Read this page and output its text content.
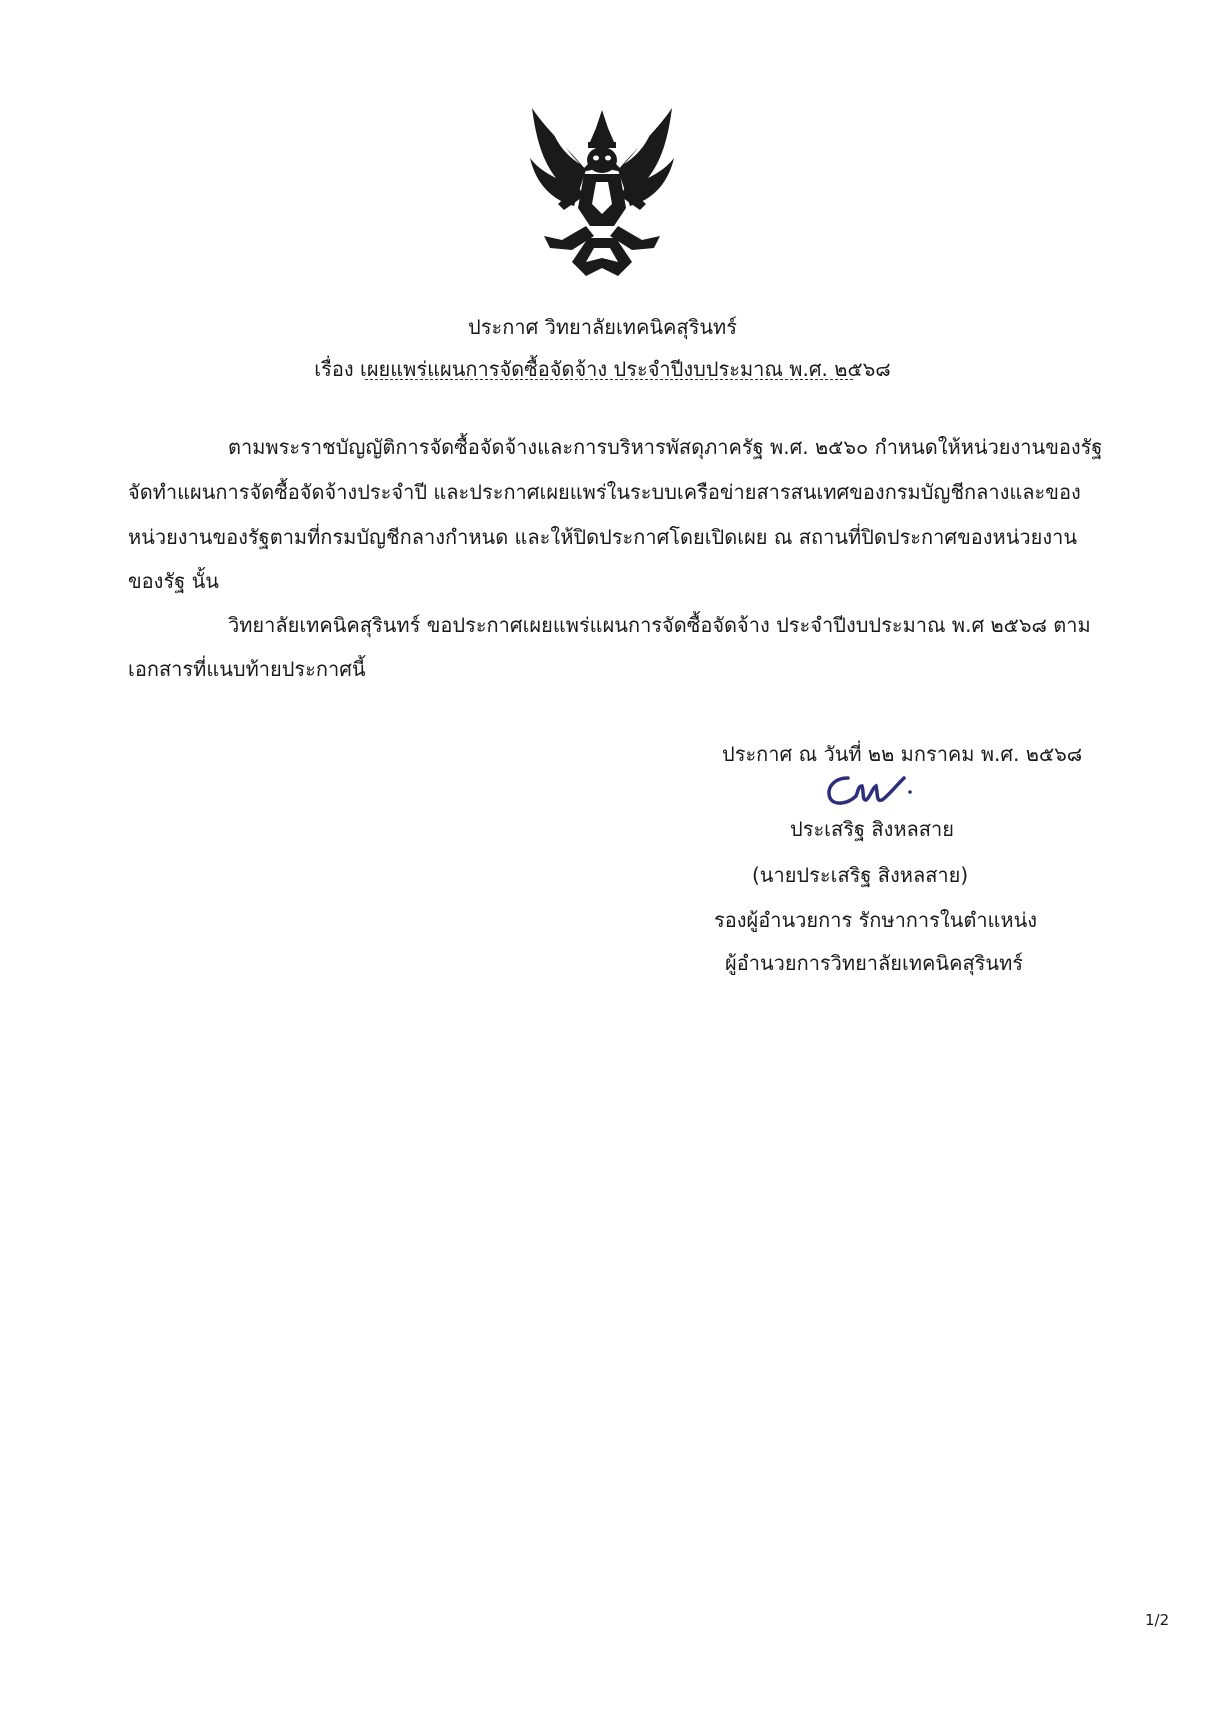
ประกาศ วิทยาลัยเทคนิคสุรินทร์
เรื่อง เผยแพร่แผนการจัดซื้อจัดจ้าง ประจำปีงบประมาณ พ.ศ. ๒๕๖๘
ตามพระราชบัญญัติการจัดซื้อจัดจ้างและการบริหารพัสดุภาครัฐ พ.ศ. ๒๕๖๐ กำหนดให้หน่วยงานของรัฐ
จัดทำแผนการจัดซื้อจัดจ้างประจำปี และประกาศเผยแพร่ในระบบเครือข่ายสารสนเทศของกรมบัญชีกลางและของ
หน่วยงานของรัฐตามที่กรมบัญชีกลางกำหนด และให้ปิดประกาศโดยเปิดเผย ณ สถานที่ปิดประกาศของหน่วยงาน
ของรัฐ นั้น
วิทยาลัยเทคนิคสุรินทร์ ขอประกาศเผยแพร่แผนการจัดซื้อจัดจ้าง ประจำปีงบประมาณ พ.ศ ๒๕๖๘ ตาม
เอกสารที่แนบท้ายประกาศนี้
ประกาศ ณ วันที่ ๒๒ มกราคม พ.ศ. ๒๕๖๘
ประเสริฐ สิงหลสาย
(นายประเสริฐ สิงหลสาย)
รองผู้อำนวยการ รักษาการในตำแหน่ง
ผู้อำนวยการวิทยาลัยเทคนิคสุรินทร์
1/2
